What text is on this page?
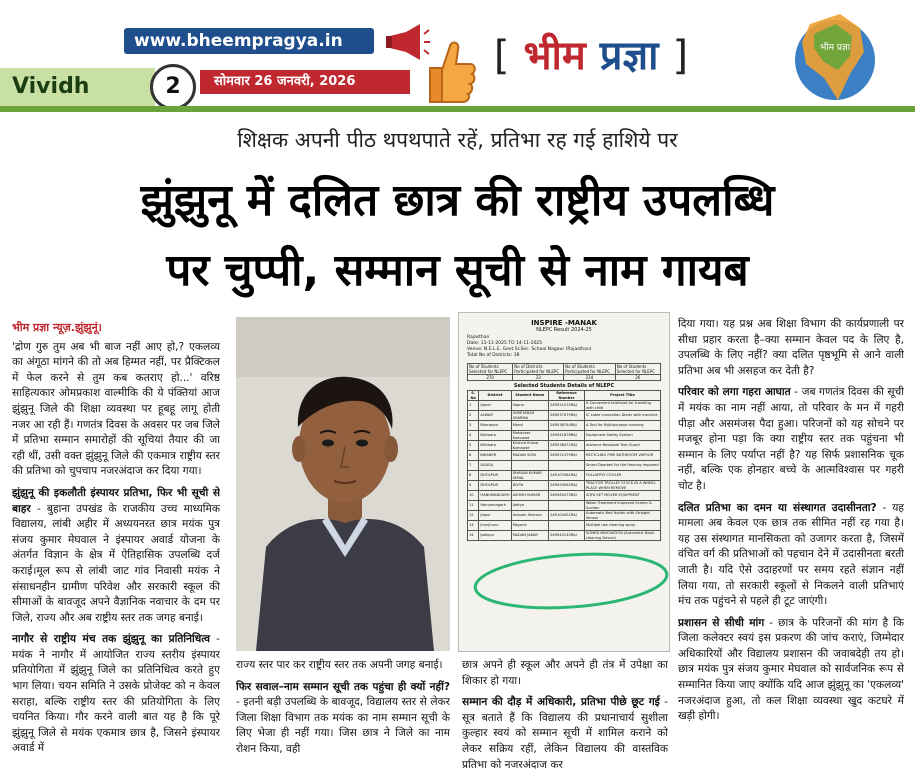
www.bheempragya.in	[ भीम प्रज्ञा ]	भीम प्रज्ञा
Vividh	2	सोमवार 26 जनवरी, 2026
शिक्षक अपनी पीठ थपथपाते रहें, प्रतिभा रह गई हाशिये पर
झुंझुनू में दलित छात्र की राष्ट्रीय उपलब्धि
पर चुप्पी, सम्मान सूची से नाम गायब
भीम प्रज्ञा न्यूज़.झुंझुनूं।

'द्रोण गुरु तुम अब भी बाज नहीं आए हो,? एकलव्य का अंगूठा मांगने की तो अब हिम्मत नहीं, पर प्रैक्टिकल में फेल करने से तुम कब कतराए हो...' वरिष्ठ साहित्यकार ओमप्रकाश वाल्मीकि की ये पंक्तियां आज झुंझुनू जिले की शिक्षा व्यवस्था पर हूबहू लागू होती नजर आ रही हैं। गणतंत्र दिवस के अवसर पर जब जिले में प्रतिभा सम्मान समारोहों की सूचियां तैयार की जा रही थीं, उसी वक्त झुंझुनू जिले की एकमात्र राष्ट्रीय स्तर की प्रतिभा को चुपचाप नजरअंदाज कर दिया गया।

झुंझुनू की इकलौती इंस्पायर प्रतिभा, फिर भी सूची से बाहर - बुहाना उपखंड के राजकीय उच्च माध्यमिक विद्यालय, लांबी अहीर में अध्ययनरत छात्र मयंक पुत्र संजय कुमार मेघवाल ने इंस्पायर अवार्ड योजना के अंतर्गत विज्ञान के क्षेत्र में ऐतिहासिक उपलब्धि दर्ज कराई।मूल रूप से लांबी जाट गांव निवासी मयंक ने संसाधनहीन ग्रामीण परिवेश और सरकारी स्कूल की सीमाओं के बावजूद अपने वैज्ञानिक नवाचार के दम पर जिले, राज्य और अब राष्ट्रीय स्तर तक जगह बनाई।

नागौर से राष्ट्रीय मंच तक झुंझुनू का प्रतिनिधित्व - मयंक ने नागौर में आयोजित राज्य स्तरीय इंस्पायर प्रतियोगिता में झुंझुनू जिले का प्रतिनिधित्व करते हुए भाग लिया। चयन समिति ने उसके प्रोजेक्ट को न केवल सराहा, बल्कि राष्ट्रीय स्तर की प्रतियोगिता के लिए चयनित किया। गौर करने वाली बात यह है कि पूरे झुंझुनू जिले से मयंक एकमात्र छात्र है, जिसने इंस्पायर अवार्ड में

INSPIRE -MANAK
NLEPC Result 2024-25
Rajasthan
Date: 11-11-2025 TO 14-11-2025
Venue: N.E.L.E. Govt.Sr.Sec. School Nagaur (Rajasthan)
Total No of Districts: 38
No of Students Selected for NLEPC	No of Districts Participated for NLEPC	No of Students Participated for NLEPC	No of Students Selected for NLEPC
270	33	234	26
Selected Students Details of NLEPC
S. No	District	Student Name	Reference Number	Project Title
1	Ajmer	Sapna	24R021070RAJ	A Convenient briefcase for traveling with child
2	ALWAR	SHREYANSH SHARMA	24R037479RAJ	IC cable innovation Dialer with machine
3	Bharatpur	Manvi	24R038744RAJ	A Tool for Multipurpose cleaning
4	Bhilwara	Mahaveer Kumawat	24R041876RAJ	Equipment Safety System
5	Bhilwara	Krishna Kumar Kumawat	24R038471RAJ	Advance Reusable Tree Guard
6	BIKANER	MADAN SONI	24R021479RAJ	RECYCLING FIRE BATHROOM VAPOUR
7	DAUSA			Smart Doorbell for the Hearing Impaired
8	DHOLPUR	DHAVAN KUMAR SENAL	24R107461RAJ	FULLAPPLY COOLER
9	DHOLPUR	DIVYA	24R059062RAJ	TRACTOR TROLLEY STUCK IN A WHEEL PLACE WHEN REMOVE
10	HANUMANGARH	ASHISH KUMAR	24R085473RAJ	SOFA SET MOVER EQUIPMENT
11	Hanumangarh	Aditya		Water Treatment Improved Screen & Suction
12	Jaipur	Avinash Sharma	24R104451RAJ	Automatic Bed Holder with Straight Sensor
13	Jhunjhunu	Mayank		Multiple use cleaning spray
14	Jodhpur	MADAN JAKAR	24R043140RAJ	SOMED INNOVATION (Automatic Book-cleaning Device)

राज्य स्तर पार कर राष्ट्रीय स्तर तक अपनी जगह बनाई।

फिर सवाल–नाम सम्मान सूची तक पहुंचा ही क्यों नहीं? - इतनी बड़ी उपलब्धि के बावजूद, विद्यालय स्तर से लेकर जिला शिक्षा विभाग तक मयंक का नाम सम्मान सूची के लिए भेजा ही नहीं गया। जिस छात्र ने जिले का नाम रोशन किया, वही

छात्र अपने ही स्कूल और अपने ही तंत्र में उपेक्षा का शिकार हो गया।

सम्मान की दौड़ में अधिकारी, प्रतिभा पीछे छूट गई - सूत्र बताते हैं कि विद्यालय की प्रधानाचार्य सुशीला कुल्हार स्वयं को सम्मान सूची में शामिल कराने को लेकर सक्रिय रहीं, लेकिन विद्यालय की वास्तविक प्रतिभा को नजरअंदाज कर

दिया गया। यह प्रश्न अब शिक्षा विभाग की कार्यप्रणाली पर सीधा प्रहार करता है–क्या सम्मान केवल पद के लिए है, उपलब्धि के लिए नहीं? क्या दलित पृष्ठभूमि से आने वाली प्रतिभा अब भी असहज कर देती है?

परिवार को लगा गहरा आघात - जब गणतंत्र दिवस की सूची में मयंक का नाम नहीं आया, तो परिवार के मन में गहरी पीड़ा और असमंजस पैदा हुआ। परिजनों को यह सोचने पर मजबूर होना पड़ा कि क्या राष्ट्रीय स्तर तक पहुंचना भी सम्मान के लिए पर्याप्त नहीं है? यह सिर्फ प्रशासनिक चूक नहीं, बल्कि एक होनहार बच्चे के आत्मविश्वास पर गहरी चोट है।

दलित प्रतिभा का दमन या संस्थागत उदासीनता? - यह मामला अब केवल एक छात्र तक सीमित नहीं रह गया है। यह उस संस्थागत मानसिकता को उजागर करता है, जिसमें वंचित वर्ग की प्रतिभाओं को पहचान देने में उदासीनता बरती जाती है। यदि ऐसे उदाहरणों पर समय रहते संज्ञान नहीं लिया गया, तो सरकारी स्कूलों से निकलने वाली प्रतिभाएं मंच तक पहुंचने से पहले ही टूट जाएंगी।

प्रशासन से सीधी मांग - छात्र के परिजनों की मांग है कि जिला कलेक्टर स्वयं इस प्रकरण की जांच कराएं, जिम्मेदार अधिकारियों और विद्यालय प्रशासन की जवाबदेही तय हो। छात्र मयंक पुत्र संजय कुमार मेघवाल को सार्वजनिक रूप से सम्मानित किया जाए क्योंकि यदि आज झुंझुनू का 'एकलव्य' नजरअंदाज हुआ, तो कल शिक्षा व्यवस्था खुद कटघरे में खड़ी होगी।
